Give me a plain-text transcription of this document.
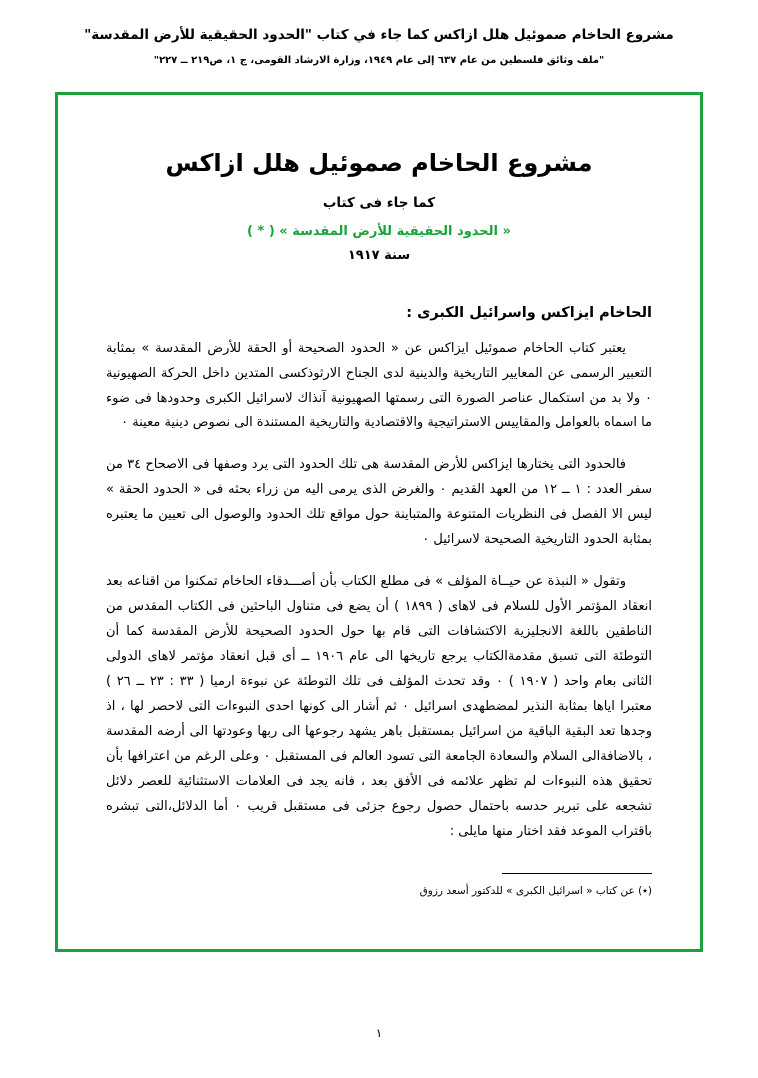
مشروع الحاخام صموئيل هلل ازاكس كما جاء في كتاب "الحدود الحقيقية للأرض المقدسة"
"ملف وثائق فلسطين من عام ٦٣٧ إلى عام ١٩٤٩، وزارة الارشاد القومى، ج ١، ص٢١٩ ــ ٢٢٧"
مشروع الحاخام صموئيل هلل ازاكس
كما جاء فى كتاب
« الحدود الحقيقية للأرض المقدسة » ( * )
سنة ١٩١٧
الحاخام ايزاكس واسرائيل الكبرى :

يعتبر كتاب الحاخام صموئيل ايزاكس عن « الحدود الصحيحة أو الحقة للأرض المقدسة » بمثابة التعبير الرسمى عن المعايير التاريخية والدينية لدى الجناح الارثوذكسى المتدين داخل الحركة الصهيونية ٠ ولا بد من استكمال عناصر الصورة التى رسمتها الصهيونية آنذاك لاسرائيل الكبرى وحدودها فى ضوء ما اسماه بالعوامل والمقاييس الاستراتيجية والاقتصادية والتاريخية المستندة الى نصوص دينية معينة ٠

فالحدود التى يختارها ايزاكس للأرض المقدسة هى تلك الحدود التى يرد وصفها فى الاصحاح ٣٤ من سفر العدد : ١ ــ ١٢ من العهد القديم ٠ والغرض الذى يرمى اليه من زراء بحثه فى « الحدود الحقة » ليس الا الفصل فى النظريات المتنوعة والمتباينة حول مواقع تلك الحدود والوصول الى تعيين ما يعتبره بمثابة الحدود التاريخية الصحيحة لاسرائيل ٠

وتقول « النبذة عن حيــاة المؤلف » فى مطلع الكتاب بأن أصـــدقاء الحاخام تمكنوا من اقناعه بعد انعقاد المؤتمر الأول للسلام فى لاهاى ( ١٨٩٩ ) أن يضع فى متناول الباحثين فى الكتاب المقدس من الناطقين باللغة الانجليزية الاكتشافات التى قام بها حول الحدود الصحيحة للأرض المقدسة كما أن التوطئة التى تسبق مقدمةالكتاب يرجع تاريخها الى عام ١٩٠٦ ــ أى قبل انعقاد مؤتمر لاهاى الدولى الثانى بعام واحد ( ١٩٠٧ ) ٠ وقد تحدث المؤلف فى تلك التوطئة عن نبوءة ارميا ( ٣٣ : ٢٣ ــ ٢٦ ) معتبرا اياها بمثابة النذير لمضطهدى اسرائيل ٠ ثم أشار الى كونها احدى النبوءات التى لاحصر لها ، اذ وجدها تعد البقية الباقية من اسرائيل بمستقبل باهر يشهد رجوعها الى ربها وعودتها الى أرضه المقدسة ، بالاضافةالى السلام والسعادة الجامعة التى تسود العالم فى المستقبل ٠ وعلى الرغم من اعترافها بأن تحقيق هذه النبوءات لم تظهر علائمه فى الأفق بعد ، فانه يجد فى العلامات الاستثنائية للعصر دلائل تشجعه على تبرير حدسه باحتمال حصول رجوع جزئى فى مستقبل قريب ٠ أما الدلائل،التى تبشره باقتراب الموعد فقد اختار منها مايلى :

(٭) عن كتاب « اسرائيل الكبرى » للدكتور أسعد رزوق
١
